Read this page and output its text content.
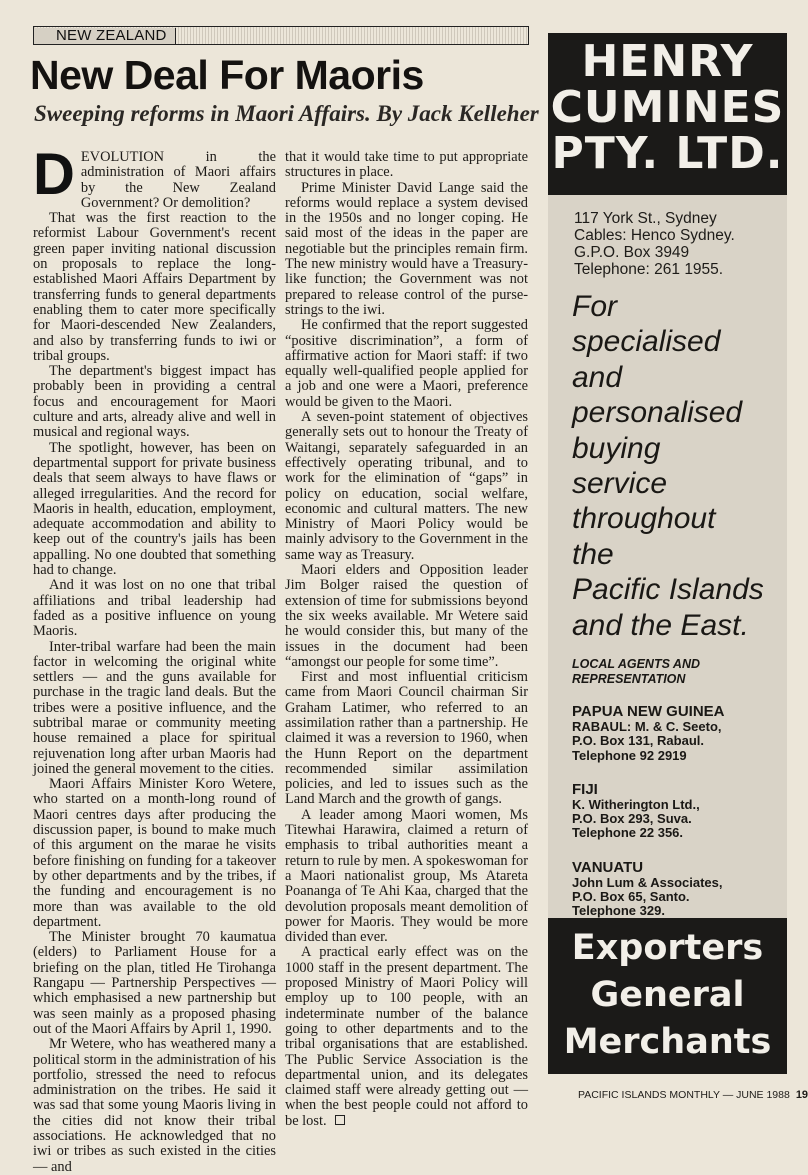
NEW ZEALAND
New Deal For Maoris
Sweeping reforms in Maori Affairs. By Jack Kelleher

DEVOLUTION in the administration of Maori affairs by the New Zealand Government? Or demolition?

That was the first reaction to the reformist Labour Government's recent green paper inviting national discussion on proposals to replace the long-established Maori Affairs Department by transferring funds to general departments enabling them to cater more specifically for Maori-descended New Zealanders, and also by transferring funds to iwi or tribal groups.

The department's biggest impact has probably been in providing a central focus and encouragement for Maori culture and arts, already alive and well in musical and regional ways.

The spotlight, however, has been on departmental support for private business deals that seem always to have flaws or alleged irregularities. And the record for Maoris in health, education, employment, adequate accommodation and ability to keep out of the country's jails has been appalling. No one doubted that something had to change.

And it was lost on no one that tribal affiliations and tribal leadership had faded as a positive influence on young Maoris.

Inter-tribal warfare had been the main factor in welcoming the original white settlers — and the guns available for purchase in the tragic land deals. But the tribes were a positive influence, and the subtribal marae or community meeting house remained a place for spiritual rejuvenation long after urban Maoris had joined the general movement to the cities.

Maori Affairs Minister Koro Wetere, who started on a month-long round of Maori centres days after producing the discussion paper, is bound to make much of this argument on the marae he visits before finishing on funding for a takeover by other departments and by the tribes, if the funding and encouragement is no more than was available to the old department.

The Minister brought 70 kaumatua (elders) to Parliament House for a briefing on the plan, titled He Tirohanga Rangapu — Partnership Perspectives — which emphasised a new partnership but was seen mainly as a proposed phasing out of the Maori Affairs by April 1, 1990.

Mr Wetere, who has weathered many a political storm in the administration of his portfolio, stressed the need to refocus administration on the tribes. He said it was sad that some young Maoris living in the cities did not know their tribal associations. He acknowledged that no iwi or tribes as such existed in the cities — and

that it would take time to put appropriate structures in place.

Prime Minister David Lange said the reforms would replace a system devised in the 1950s and no longer coping. He said most of the ideas in the paper are negotiable but the principles remain firm. The new ministry would have a Treasury-like function; the Government was not prepared to release control of the purse-strings to the iwi.

He confirmed that the report suggested “positive discrimination”, a form of affirmative action for Maori staff: if two equally well-qualified people applied for a job and one were a Maori, preference would be given to the Maori.

A seven-point statement of objectives generally sets out to honour the Treaty of Waitangi, separately safeguarded in an effectively operating tribunal, and to work for the elimination of “gaps” in policy on education, social welfare, economic and cultural matters. The new Ministry of Maori Policy would be mainly advisory to the Government in the same way as Treasury.

Maori elders and Opposition leader Jim Bolger raised the question of extension of time for submissions beyond the six weeks available. Mr Wetere said he would consider this, but many of the issues in the document had been “amongst our people for some time”.

First and most influential criticism came from Maori Council chairman Sir Graham Latimer, who referred to an assimilation rather than a partnership. He claimed it was a reversion to 1960, when the Hunn Report on the department recommended similar assimilation policies, and led to issues such as the Land March and the growth of gangs.

A leader among Maori women, Ms Titewhai Harawira, claimed a return of emphasis to tribal authorities meant a return to rule by men. A spokeswoman for a Maori nationalist group, Ms Atareta Poananga of Te Ahi Kaa, charged that the devolution proposals meant demolition of power for Maoris. They would be more divided than ever.

A practical early effect was on the 1000 staff in the present department. The proposed Ministry of Maori Policy will employ up to 100 people, with an indeterminate number of the balance going to other departments and to the tribal organisations that are established. The Public Service Association is the departmental union, and its delegates claimed staff were already getting out — when the best people could not afford to be lost.

HENRY
CUMINES
PTY. LTD.
117 York St., Sydney
Cables: Henco Sydney.
G.P.O. Box 3949
Telephone: 261 1955.
For
specialised
and
personalised
buying
service
throughout
the
Pacific Islands
and the East.
LOCAL AGENTS AND
REPRESENTATION
PAPUA NEW GUINEA
RABAUL: M. & C. Seeto,
P.O. Box 131, Rabaul.
Telephone 92 2919
FIJI
K. Witherington Ltd.,
P.O. Box 293, Suva.
Telephone 22 356.
VANUATU
John Lum & Associates,
P.O. Box 65, Santo.
Telephone 329.
Exporters
General
Merchants
PACIFIC ISLANDS MONTHLY — JUNE 1988 19
